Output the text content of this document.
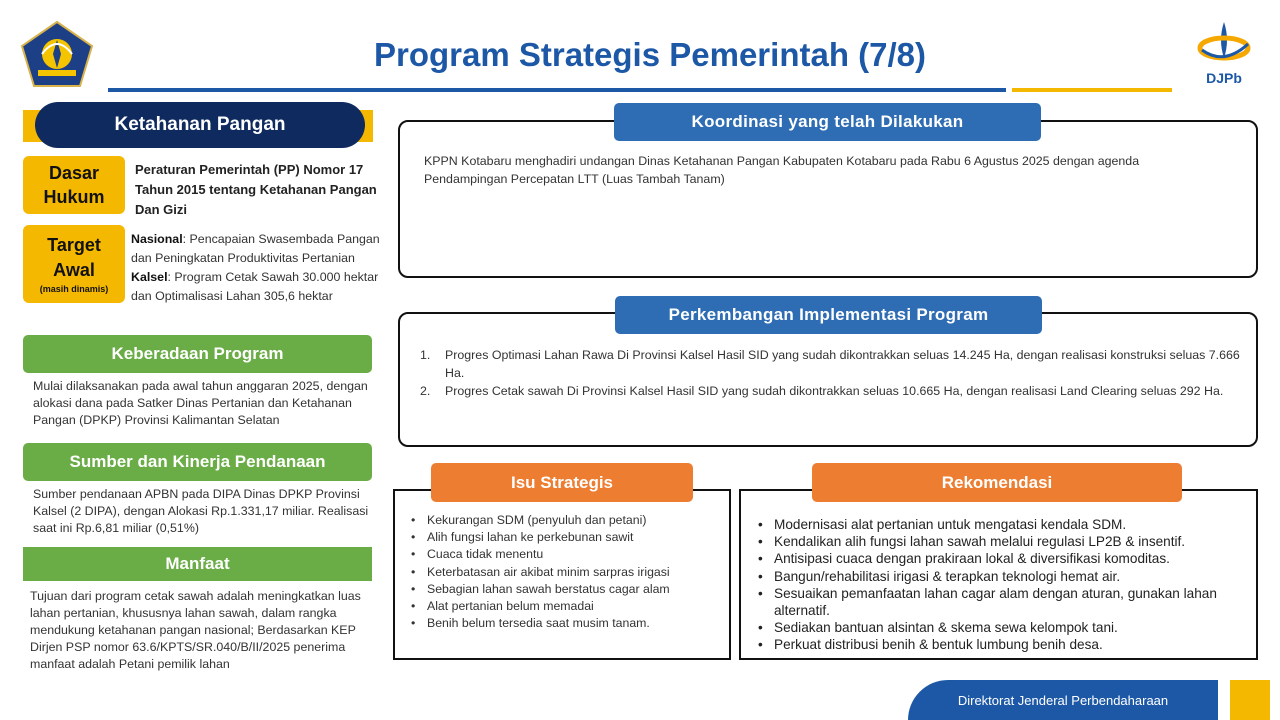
Program Strategis Pemerintah (7/8)
DJPb
Ketahanan Pangan
Dasar
Hukum
Peraturan Pemerintah (PP) Nomor 17 Tahun 2015 tentang Ketahanan Pangan Dan Gizi
Target
Awal
(masih dinamis)
Nasional: Pencapaian Swasembada Pangan dan Peningkatan Produktivitas Pertanian
Kalsel: Program Cetak Sawah 30.000 hektar dan Optimalisasi Lahan 305,6 hektar
Keberadaan Program
Mulai dilaksanakan pada awal tahun anggaran 2025, dengan alokasi dana pada Satker Dinas Pertanian dan Ketahanan Pangan (DPKP) Provinsi Kalimantan Selatan
Sumber dan Kinerja Pendanaan
Sumber pendanaan APBN pada DIPA Dinas DPKP Provinsi Kalsel (2 DIPA), dengan Alokasi Rp.1.331,17 miliar. Realisasi saat ini Rp.6,81 miliar (0,51%)
Manfaat
Tujuan dari program cetak sawah adalah meningkatkan luas lahan pertanian, khususnya lahan sawah, dalam rangka mendukung ketahanan pangan nasional; Berdasarkan KEP Dirjen PSP nomor 63.6/KPTS/SR.040/B/II/2025 penerima manfaat adalah Petani pemilik lahan
Koordinasi yang telah Dilakukan
KPPN Kotabaru menghadiri undangan Dinas Ketahanan Pangan Kabupaten Kotabaru pada Rabu 6 Agustus 2025 dengan agenda Pendampingan Percepatan LTT (Luas Tambah Tanam)
Perkembangan Implementasi Program
1.	Progres Optimasi Lahan Rawa Di Provinsi Kalsel Hasil SID yang sudah dikontrakkan seluas 14.245 Ha, dengan realisasi konstruksi seluas 7.666 Ha.
2.	Progres Cetak sawah Di Provinsi Kalsel Hasil SID yang sudah dikontrakkan seluas 10.665 Ha, dengan realisasi Land Clearing seluas 292 Ha.
Isu Strategis
• Kekurangan SDM (penyuluh dan petani)
• Alih fungsi lahan ke perkebunan sawit
• Cuaca tidak menentu
• Keterbatasan air akibat minim sarpras irigasi
• Sebagian lahan sawah berstatus cagar alam
• Alat pertanian belum memadai
• Benih belum tersedia saat musim tanam.
Rekomendasi
• Modernisasi alat pertanian untuk mengatasi kendala SDM.
• Kendalikan alih fungsi lahan sawah melalui regulasi LP2B & insentif.
• Antisipasi cuaca dengan prakiraan lokal & diversifikasi komoditas.
• Bangun/rehabilitasi irigasi & terapkan teknologi hemat air.
• Sesuaikan pemanfaatan lahan cagar alam dengan aturan, gunakan lahan alternatif.
• Sediakan bantuan alsintan & skema sewa kelompok tani.
• Perkuat distribusi benih & bentuk lumbung benih desa.
Direktorat Jenderal Perbendaharaan
